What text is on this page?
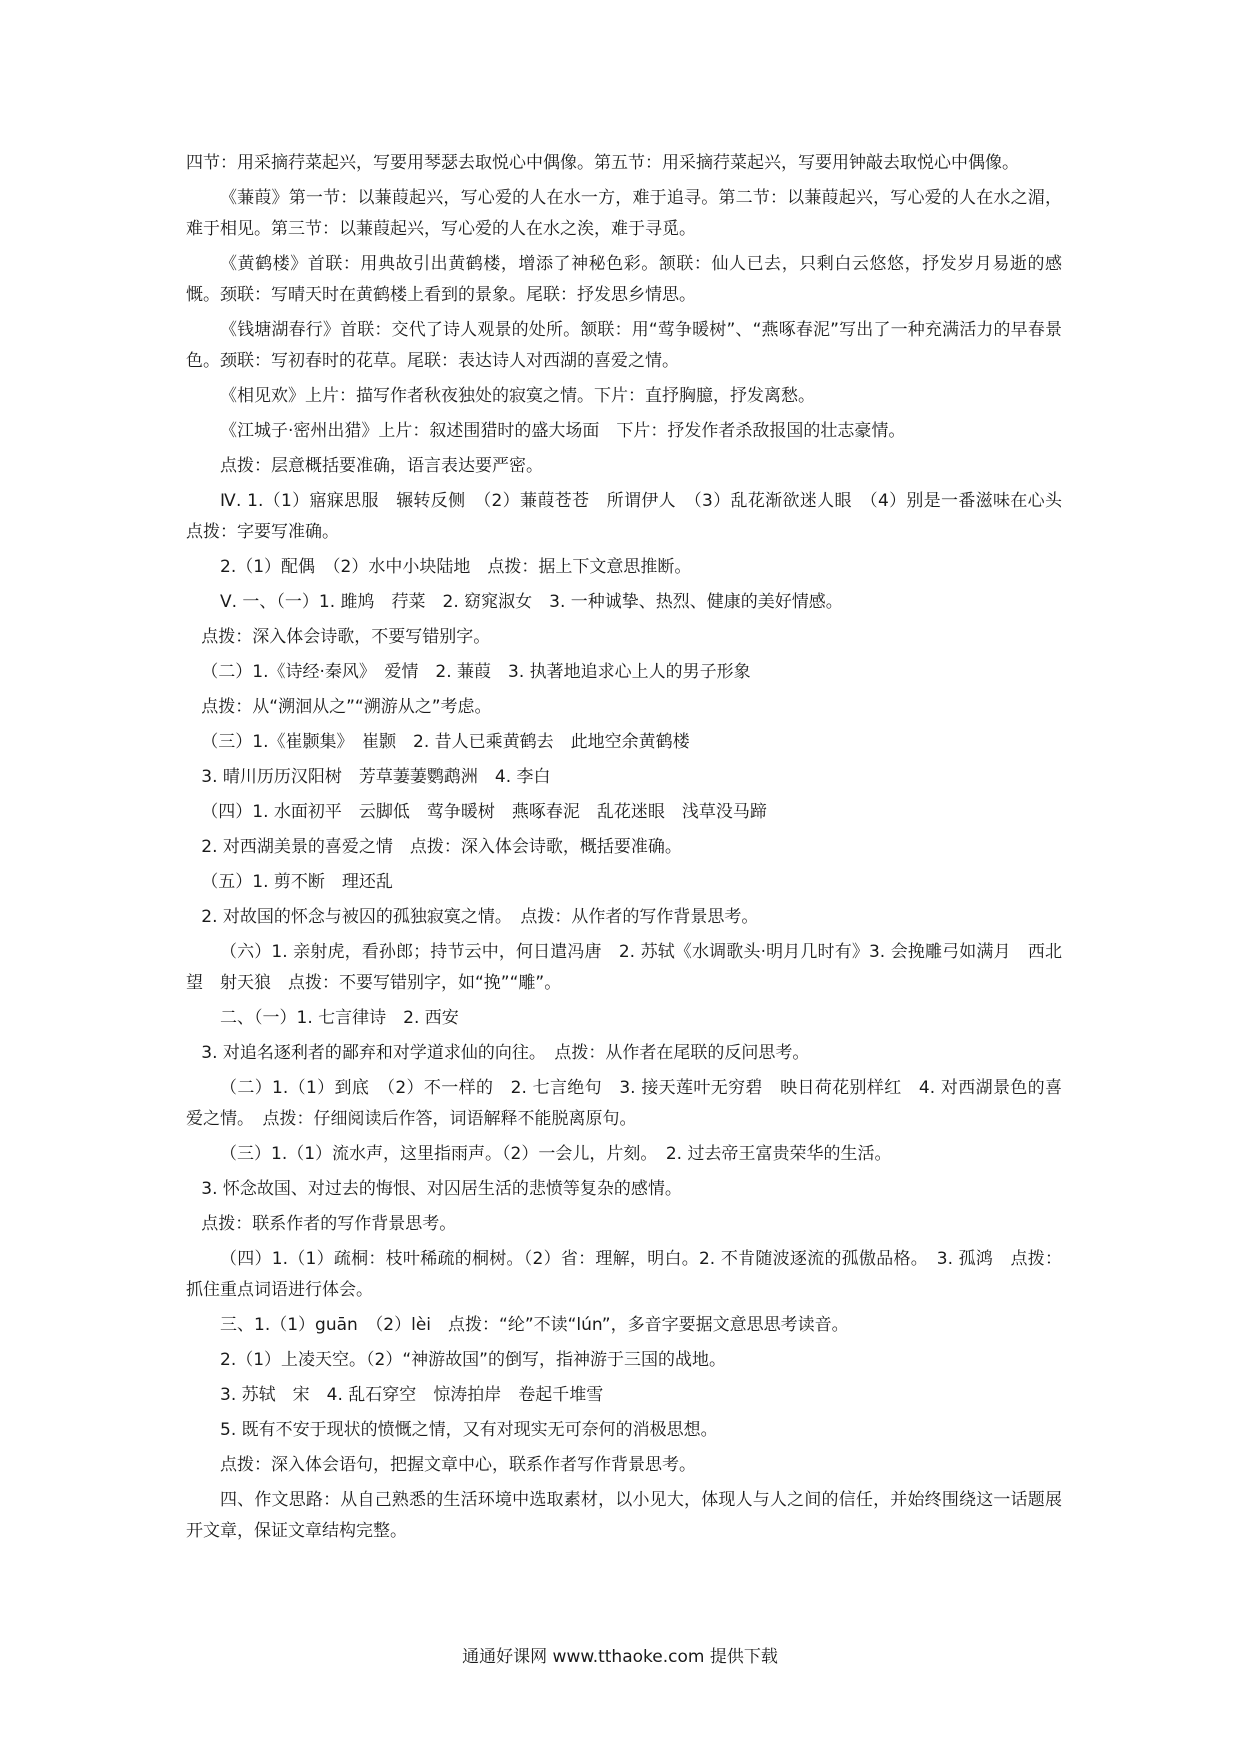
四节：用采摘荇菜起兴，写要用琴瑟去取悦心中偶像。第五节：用采摘荇菜起兴，写要用钟敲去取悦心中偶像。

《蒹葭》第一节：以蒹葭起兴，写心爱的人在水一方，难于追寻。第二节：以蒹葭起兴，写心爱的人在水之湄，难于相见。第三节：以蒹葭起兴，写心爱的人在水之涘，难于寻觅。

《黄鹤楼》首联：用典故引出黄鹤楼，增添了神秘色彩。颔联：仙人已去，只剩白云悠悠，抒发岁月易逝的感慨。颈联：写晴天时在黄鹤楼上看到的景象。尾联：抒发思乡情思。

《钱塘湖春行》首联：交代了诗人观景的处所。颔联：用“莺争暖树”、“燕啄春泥”写出了一种充满活力的早春景色。颈联：写初春时的花草。尾联：表达诗人对西湖的喜爱之情。

《相见欢》上片：描写作者秋夜独处的寂寞之情。下片：直抒胸臆，抒发离愁。

《江城子·密州出猎》上片：叙述围猎时的盛大场面　下片：抒发作者杀敌报国的壮志豪情。

点拨：层意概括要准确，语言表达要严密。

Ⅳ. 1.（1）寤寐思服　辗转反侧　（2）蒹葭苍苍　所谓伊人　（3）乱花渐欲迷人眼　（4）别是一番滋味在心头　点拨：字要写准确。

2.（1）配偶　（2）水中小块陆地　点拨：据上下文意思推断。

Ⅴ. 一、（一）1. 雎鸠　荇菜　2. 窈窕淑女　3. 一种诚挚、热烈、健康的美好情感。

点拨：深入体会诗歌，不要写错别字。

（二）1.《诗经·秦风》　爱情　2. 蒹葭　3. 执著地追求心上人的男子形象

点拨：从“溯洄从之”“溯游从之”考虑。

（三）1.《崔颢集》　崔颢　2. 昔人已乘黄鹤去　此地空余黄鹤楼

3. 晴川历历汉阳树　芳草萋萋鹦鹉洲　4. 李白

（四）1. 水面初平　云脚低　莺争暖树　燕啄春泥　乱花迷眼　浅草没马蹄

2. 对西湖美景的喜爱之情　点拨：深入体会诗歌，概括要准确。

（五）1. 剪不断　理还乱

2. 对故国的怀念与被囚的孤独寂寞之情。　点拨：从作者的写作背景思考。

（六）1. 亲射虎，看孙郎；持节云中，何日遣冯唐　2. 苏轼《水调歌头·明月几时有》3. 会挽雕弓如满月　西北望　射天狼　点拨：不要写错别字，如“挽”“雕”。

二、（一）1. 七言律诗　2. 西安

3. 对追名逐利者的鄙弃和对学道求仙的向往。　点拨：从作者在尾联的反问思考。

（二）1.（1）到底　（2）不一样的　2. 七言绝句　3. 接天莲叶无穷碧　映日荷花别样红　4. 对西湖景色的喜爱之情。　点拨：仔细阅读后作答，词语解释不能脱离原句。

（三）1.（1）流水声，这里指雨声。（2）一会儿，片刻。　2. 过去帝王富贵荣华的生活。

3. 怀念故国、对过去的悔恨、对囚居生活的悲愤等复杂的感情。

点拨：联系作者的写作背景思考。

（四）1.（1）疏桐：枝叶稀疏的桐树。（2）省：理解，明白。2. 不肯随波逐流的孤傲品格。　3. 孤鸿　点拨：抓住重点词语进行体会。

三、1.（1）guān　（2）lèi　点拨：“纶”不读“lún”，多音字要据文意思思考读音。

2.（1）上凌天空。（2）“神游故国”的倒写，指神游于三国的战地。

3. 苏轼　宋　4. 乱石穿空　惊涛拍岸　卷起千堆雪

5. 既有不安于现状的愤慨之情，又有对现实无可奈何的消极思想。

点拨：深入体会语句，把握文章中心，联系作者写作背景思考。

四、作文思路：从自己熟悉的生活环境中选取素材，以小见大，体现人与人之间的信任，并始终围绕这一话题展开文章，保证文章结构完整。

通通好课网 www.tthaoke.com 提供下载
